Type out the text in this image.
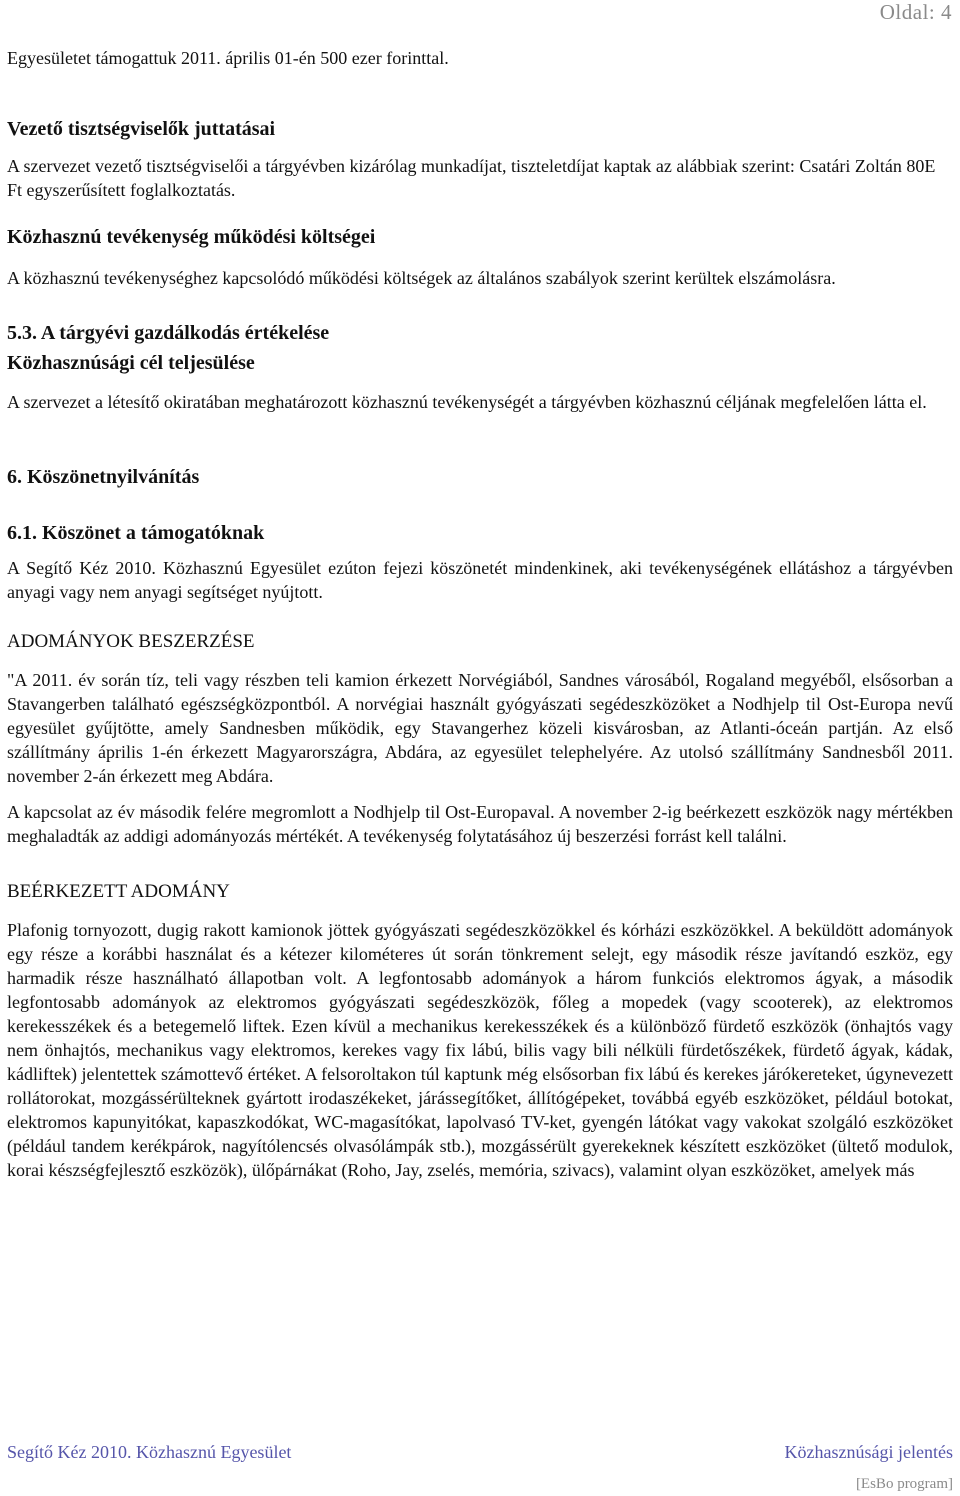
Oldal: 4

Egyesületet támogattuk 2011. április 01-én 500 ezer forinttal.

Vezető tisztségviselők juttatásai

A szervezet vezető tisztségviselői a tárgyévben kizárólag munkadíjat, tiszteletdíjat kaptak az alábbiak szerint: Csatári Zoltán 80E Ft egyszerűsített foglalkoztatás.

Közhasznú tevékenység működési költségei

A közhasznú tevékenységhez kapcsolódó működési költségek az általános szabályok szerint kerültek elszámolásra.

5.3. A tárgyévi gazdálkodás értékelése
Közhasznúsági cél teljesülése

A szervezet a létesítő okiratában meghatározott közhasznú tevékenységét a tárgyévben közhasznú céljának megfelelően látta el.

6. Köszönetnyilvánítás
6.1. Köszönet a támogatóknak

A Segítő Kéz 2010. Közhasznú Egyesület ezúton fejezi köszönetét mindenkinek, aki tevékenységének ellátáshoz a tárgyévben anyagi vagy nem anyagi segítséget nyújtott.

ADOMÁNYOK BESZERZÉSE

"A 2011. év során tíz, teli vagy részben teli kamion érkezett Norvégiából, Sandnes városából, Rogaland megyéből, elsősorban a Stavangerben található egészségközpontból. A norvégiai használt gyógyászati segédeszközöket a Nodhjelp til Ost-Europa nevű egyesület gyűjtötte, amely Sandnesben működik, egy Stavangerhez közeli kisvárosban, az Atlanti-óceán partján. Az első szállítmány április 1-én érkezett Magyarországra, Abdára, az egyesület telephelyére. Az utolsó szállítmány Sandnesből 2011. november 2-án érkezett meg Abdára.

A kapcsolat az év második felére megromlott a Nodhjelp til Ost-Europaval. A november 2-ig beérkezett eszközök nagy mértékben meghaladták az addigi adományozás mértékét. A tevékenység folytatásához új beszerzési forrást kell találni.

BEÉRKEZETT ADOMÁNY

Plafonig tornyozott, dugig rakott kamionok jöttek gyógyászati segédeszközökkel és kórházi eszközökkel. A beküldött adományok egy része a korábbi használat és a kétezer kilométeres út során tönkrement selejt, egy második része javítandó eszköz, egy harmadik része használható állapotban volt. A legfontosabb adományok a három funkciós elektromos ágyak, a második legfontosabb adományok az elektromos gyógyászati segédeszközök, főleg a mopedek (vagy scooterek), az elektromos kerekesszékek és a betegemelő liftek. Ezen kívül a mechanikus kerekesszékek és a különböző fürdető eszközök (önhajtós vagy nem önhajtós, mechanikus vagy elektromos, kerekes vagy fix lábú, bilis vagy bili nélküli fürdetőszékek, fürdető ágyak, kádak, kádliftek) jelentettek számottevő értéket. A felsoroltakon túl kaptunk még elsősorban fix lábú és kerekes járókereteket, úgynevezett rollátorokat, mozgássérülteknek gyártott irodaszékeket, járássegítőket, állítógépeket, továbbá egyéb eszközöket, például botokat, elektromos kapunyitókat, kapaszkodókat, WC-magasítókat, lapolvasó TV-ket, gyengén látókat vagy vakokat szolgáló eszközöket (például tandem kerékpárok, nagyítólencsés olvasólámpák stb.), mozgássérült gyerekeknek készített eszközöket (ültető modulok, korai készségfejlesztő eszközök), ülőpárnákat (Roho, Jay, zselés, memória, szivacs), valamint olyan eszközöket, amelyek más

Segítő Kéz 2010. Közhasznú Egyesület	Közhasznúsági jelentés
[EsBo program]
